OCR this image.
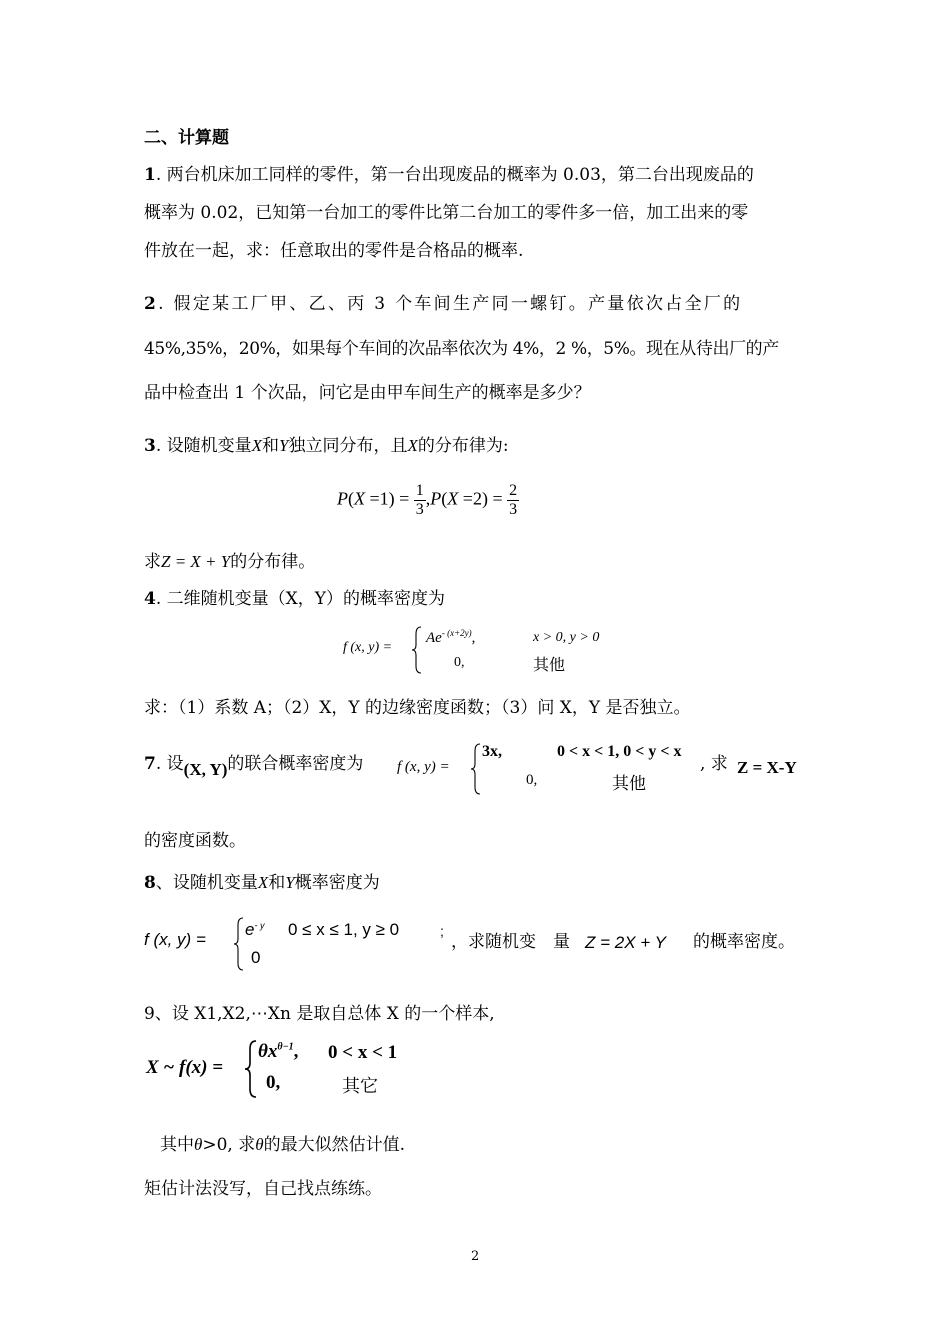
二、计算题
1. 两台机床加工同样的零件，第一台出现废品的概率为 0.03，第二台出现废品的
概率为 0.02，已知第一台加工的零件比第二台加工的零件多一倍，加工出来的零
件放在一起，求：任意取出的零件是合格品的概率.
2. 假定某工厂甲、乙、丙 3 个车间生产同一螺钉。产量依次占全厂的
45%,35%，20%，如果每个车间的次品率依次为 4%，2 %，5%。现在从待出厂的产
品中检查出 1 个次品，问它是由甲车间生产的概率是多少？
3. 设随机变量X和Y独立同分布，且X的分布律为:
$P(X =1) = \frac{1}{3} ,P(X =2) = \frac{2}{3}$
求Z = X + Y的分布律。
4. 二维随机变量（X，Y）的概率密度为
f (x, y) =
$Ae^{- (x+2y)}$,	x > 0, y > 0
0,	其他
求：（1）系数 A；（2）X，Y 的边缘密度函数；（3）问 X，Y 是否独立。
7. 设(X, Y)的联合概率密度为 f (x, y) =
3x,	0 < x < 1, 0 < y < x
0,	其他
, 求 Z = X-Y
的密度函数。
8、设随机变量X和Y概率密度为
f (x, y) =
$e^{- y}$ 0 ≤ x ≤ 1, y ≥ 0	;
0
，求随机变　量 Z = 2X + Y 的概率密度。
9、设 X1,X2,⋯Xn 是取自总体 X 的一个样本,
X ~ f(x) =
$\theta x^{\theta-1}$, 0 < x < 1
0,	其它
其中θ>0, 求θ的最大似然估计值.
矩估计法没写，自己找点练练。
2
